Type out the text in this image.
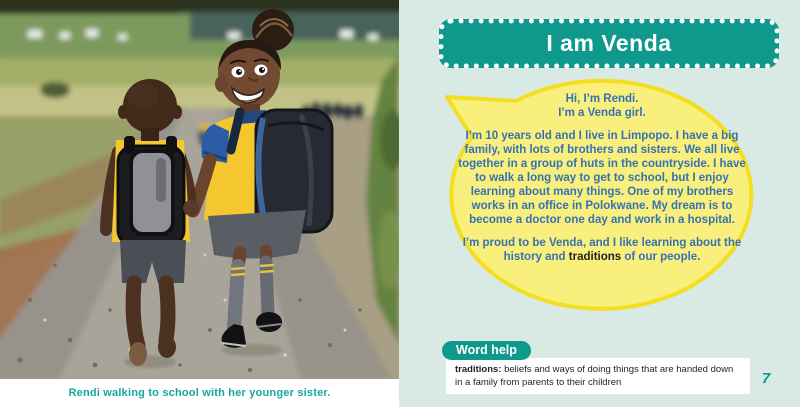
Rendi walking to school with her younger sister.
I am Venda

Hi, I’m Rendi.
I’m a Venda girl.

I’m 10 years old and I live in Limpopo. I have a big family, with lots of brothers and sisters. We all live together in a group of huts in the countryside. I have to walk a long way to get to school, but I enjoy learning about many things. One of my brothers works in an office in Polokwane. My dream is to become a doctor one day and work in a hospital.

I’m proud to be Venda, and I like learning about the history and traditions of our people.

Word help
traditions: beliefs and ways of doing things that are handed down in a family from parents to their children	7
